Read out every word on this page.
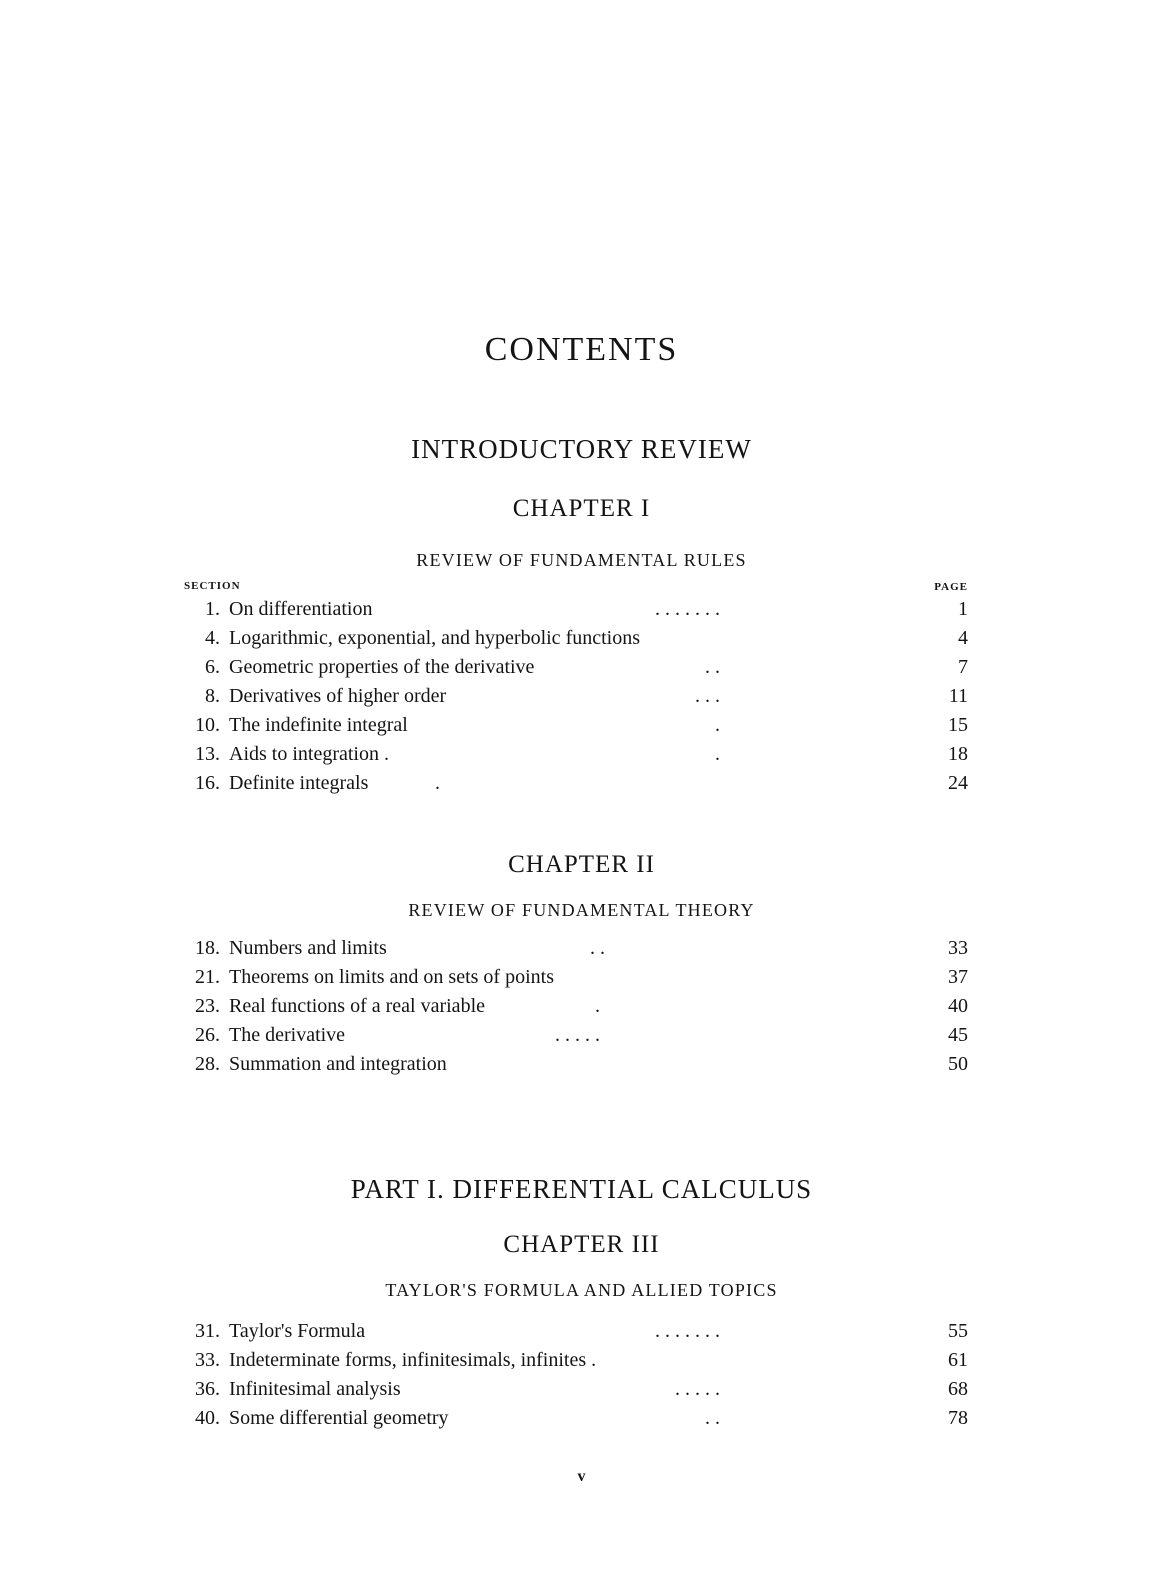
CONTENTS
INTRODUCTORY REVIEW
CHAPTER I
REVIEW OF FUNDAMENTAL RULES
SECTION	PAGE
1. On differentiation	. . . . . . .	1
4. Logarithmic, exponential, and hyperbolic functions	4
6. Geometric properties of the derivative	. .	7
8. Derivatives of higher order	. . .	11
10. The indefinite integral	.	15
13. Aids to integration .	.	18
16. Definite integrals	.	24
CHAPTER II
REVIEW OF FUNDAMENTAL THEORY
18. Numbers and limits	. .	33
21. Theorems on limits and on sets of points	37
23. Real functions of a real variable	.	40
26. The derivative	. . . . .	45
28. Summation and integration	50
PART I. DIFFERENTIAL CALCULUS
CHAPTER III
TAYLOR'S FORMULA AND ALLIED TOPICS
31. Taylor's Formula	. . . . . . .	55
33. Indeterminate forms, infinitesimals, infinites .	61
36. Infinitesimal analysis	. . . . .	68
40. Some differential geometry	. .	78
v
